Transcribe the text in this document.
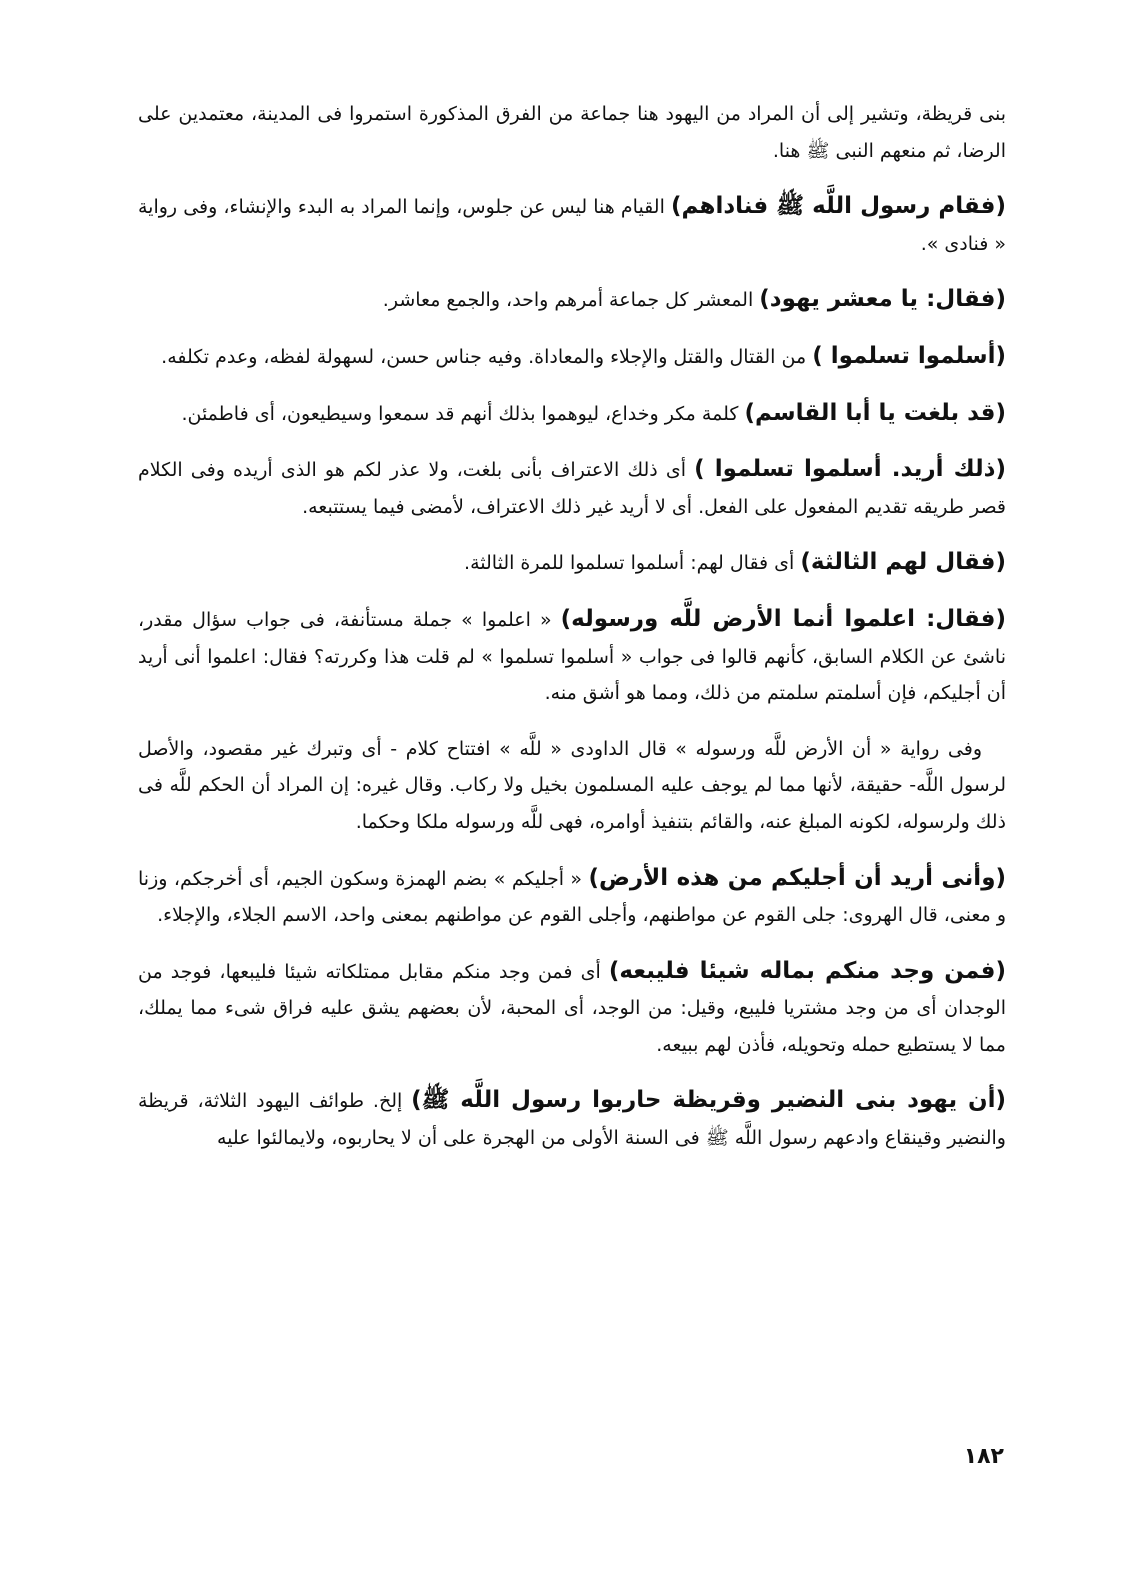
بنى قريظة، وتشير إلى أن المراد من اليهود هنا جماعة من الفرق المذكورة استمروا فى المدينة، معتمدين على الرضا، ثم منعهم النبى ﷺ هنا.

(فقام رسول اللَّه ﷺ فناداهم) القيام هنا ليس عن جلوس، وإنما المراد به البدء والإنشاء، وفى رواية « فنادى ».

(فقال: يا معشر يهود) المعشر كل جماعة أمرهم واحد، والجمع معاشر.

(أسلموا تسلموا ) من القتال والقتل والإجلاء والمعاداة. وفيه جناس حسن، لسهولة لفظه، وعدم تكلفه.

(قد بلغت يا أبا القاسم) كلمة مكر وخداع، ليوهموا بذلك أنهم قد سمعوا وسيطيعون، أى فاطمئن.

(ذلك أريد. أسلموا تسلموا ) أى ذلك الاعتراف بأنى بلغت، ولا عذر لكم هو الذى أريده وفى الكلام قصر طريقه تقديم المفعول على الفعل. أى لا أريد غير ذلك الاعتراف، لأمضى فيما يستتبعه.

(فقال لهم الثالثة) أى فقال لهم: أسلموا تسلموا للمرة الثالثة.

(فقال: اعلموا أنما الأرض للَّه ورسوله) « اعلموا » جملة مستأنفة، فى جواب سؤال مقدر، ناشئ عن الكلام السابق، كأنهم قالوا فى جواب « أسلموا تسلموا » لم قلت هذا وكررته؟ فقال: اعلموا أنى أريد أن أجليكم، فإن أسلمتم سلمتم من ذلك، ومما هو أشق منه.

وفى رواية « أن الأرض للَّه ورسوله » قال الداودى « للَّه » افتتاح كلام - أى وتبرك غير مقصود، والأصل لرسول اللَّه- حقيقة، لأنها مما لم يوجف عليه المسلمون بخيل ولا ركاب. وقال غيره: إن المراد أن الحكم للَّه فى ذلك ولرسوله، لكونه المبلغ عنه، والقائم بتنفيذ أوامره، فهى للَّه ورسوله ملكا وحكما.

(وأنى أريد أن أجليكم من هذه الأرض) « أجليكم » بضم الهمزة وسكون الجيم، أى أخرجكم، وزنا و معنى، قال الهروى: جلى القوم عن مواطنهم، وأجلى القوم عن مواطنهم بمعنى واحد، الاسم الجلاء، والإجلاء.

(فمن وجد منكم بماله شيئا فليبعه) أى فمن وجد منكم مقابل ممتلكاته شيئا فليبعها، فوجد من الوجدان أى من وجد مشتريا فليبع، وقيل: من الوجد، أى المحبة، لأن بعضهم يشق عليه فراق شىء مما يملك، مما لا يستطيع حمله وتحويله، فأذن لهم ببيعه.

(أن يهود بنى النضير وقريظة حاربوا رسول اللَّه ﷺ) إلخ. طوائف اليهود الثلاثة، قريظة والنضير وقينقاع وادعهم رسول اللَّه ﷺ فى السنة الأولى من الهجرة على أن لا يحاربوه، ولايمالئوا عليه

١٨٢
